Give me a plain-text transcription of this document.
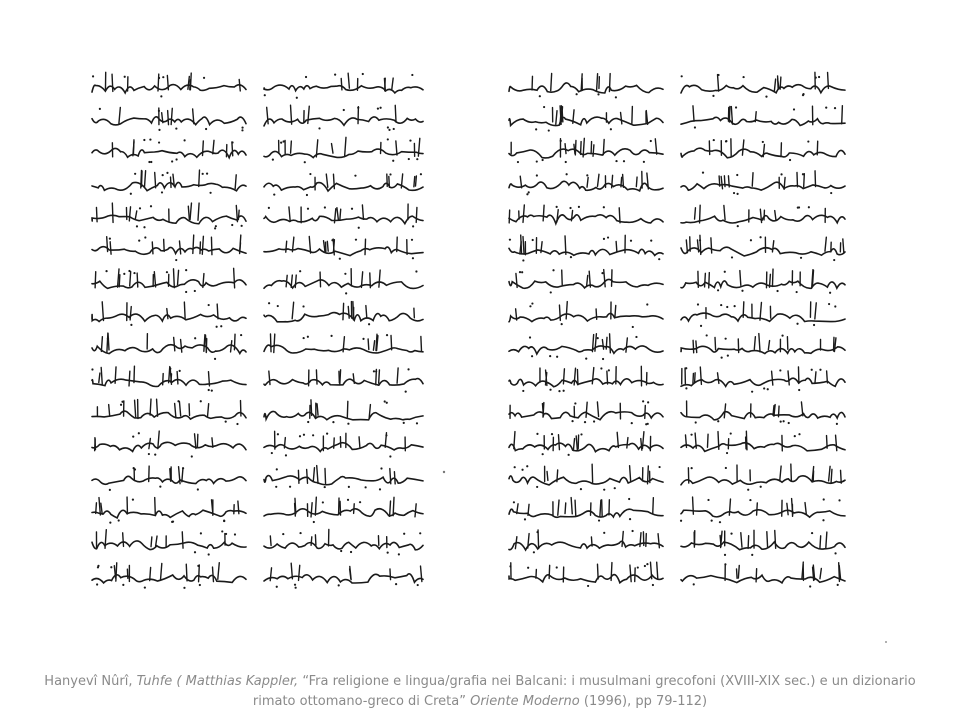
Hanyevî Nûrî, Tuhfe ( Matthias Kappler, “Fra religione e lingua/grafia nei Balcani: i musulmani grecofoni (XVIII-XIX sec.) e un dizionario rimato ottomano-greco di Creta” Oriente Moderno (1996), pp 79-112)
